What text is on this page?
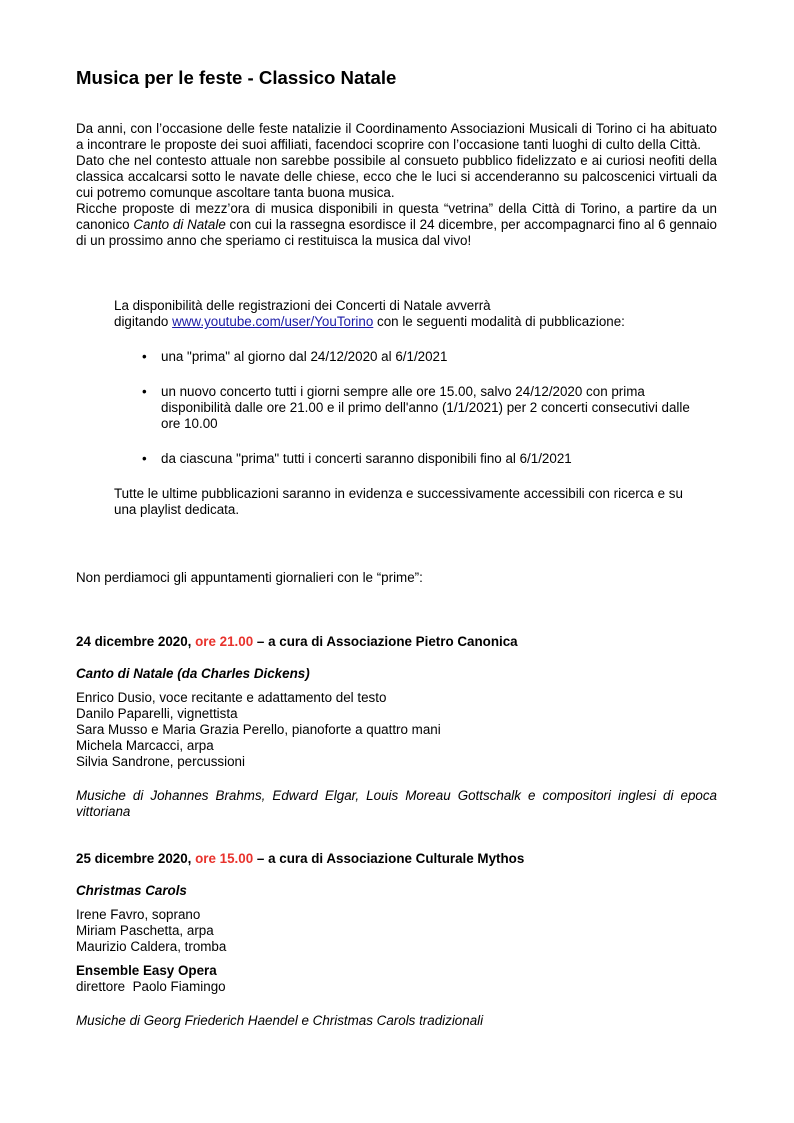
Musica per le feste - Classico Natale

Da anni, con l’occasione delle feste natalizie il Coordinamento Associazioni Musicali di Torino ci ha abituato a incontrare le proposte dei suoi affiliati, facendoci scoprire con l’occasione tanti luoghi di culto della Città.

Dato che nel contesto attuale non sarebbe possibile al consueto pubblico fidelizzato e ai curiosi neofiti della classica accalcarsi sotto le navate delle chiese, ecco che le luci si accenderanno su palcoscenici virtuali da cui potremo comunque ascoltare tanta buona musica.

Ricche proposte di mezz’ora di musica disponibili in questa “vetrina” della Città di Torino, a partire da un canonico Canto di Natale con cui la rassegna esordisce il 24 dicembre, per accompagnarci fino al 6 gennaio di un prossimo anno che speriamo ci restituisca la musica dal vivo!

La disponibilità delle registrazioni dei Concerti di Natale avverrà

digitando www.youtube.com/user/YouTorino con le seguenti modalità di pubblicazione:

• una "prima" al giorno dal 24/12/2020 al 6/1/2021
• un nuovo concerto tutti i giorni sempre alle ore 15.00, salvo 24/12/2020 con prima disponibilità dalle ore 21.00 e il primo dell'anno (1/1/2021) per 2 concerti consecutivi dalle ore 10.00
• da ciascuna "prima" tutti i concerti saranno disponibili fino al 6/1/2021

Tutte le ultime pubblicazioni saranno in evidenza e successivamente accessibili con ricerca e su una playlist dedicata.

Non perdiamoci gli appuntamenti giornalieri con le “prime”:

24 dicembre 2020, ore 21.00 – a cura di Associazione Pietro Canonica

Canto di Natale (da Charles Dickens)

Enrico Dusio, voce recitante e adattamento del testo
Danilo Paparelli, vignettista
Sara Musso e Maria Grazia Perello, pianoforte a quattro mani
Michela Marcacci, arpa
Silvia Sandrone, percussioni

Musiche di Johannes Brahms, Edward Elgar, Louis Moreau Gottschalk e compositori inglesi di epoca vittoriana

25 dicembre 2020, ore 15.00 – a cura di Associazione Culturale Mythos

Christmas Carols

Irene Favro, soprano
Miriam Paschetta, arpa
Maurizio Caldera, tromba

Ensemble Easy Opera

direttore  Paolo Fiamingo

Musiche di Georg Friederich Haendel e Christmas Carols tradizionali
